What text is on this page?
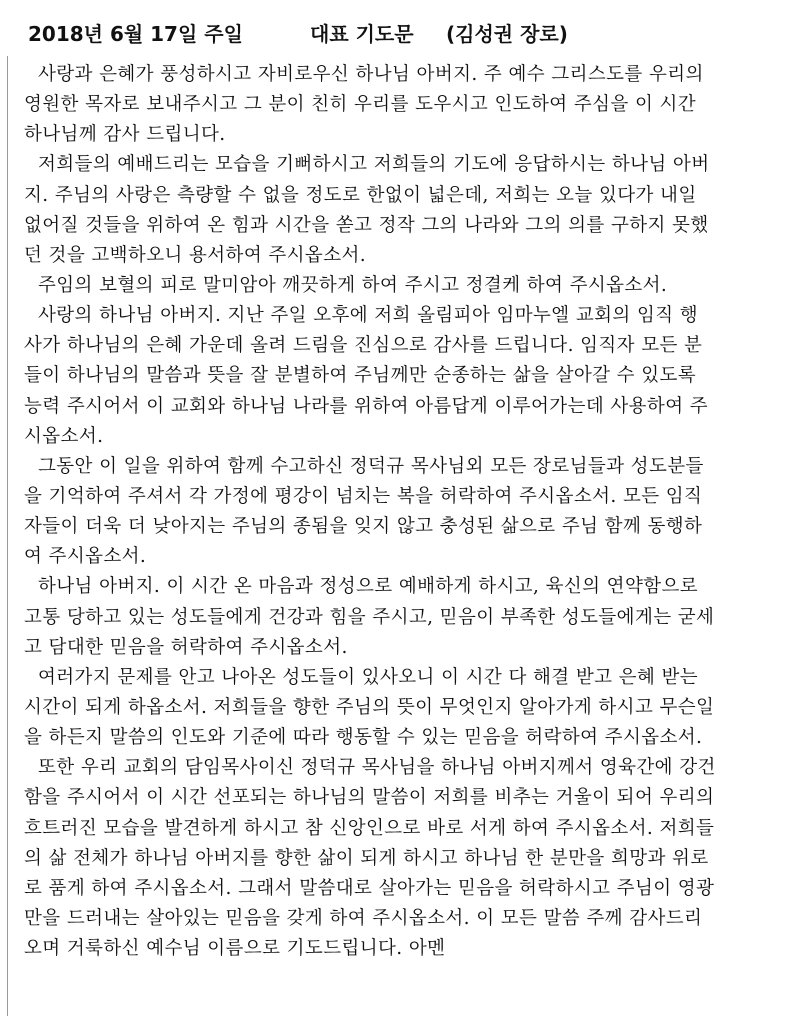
2018년 6월 17일 주일	대표 기도문 (김성권 장로)
사랑과 은혜가 풍성하시고 자비로우신 하나님 아버지. 주 예수 그리스도를 우리의
영원한 목자로 보내주시고 그 분이 친히 우리를 도우시고 인도하여 주심을 이 시간
하나님께 감사 드립니다.
저희들의 예배드리는 모습을 기뻐하시고 저희들의 기도에 응답하시는 하나님 아버
지. 주님의 사랑은 측량할 수 없을 정도로 한없이 넓은데, 저희는 오늘 있다가 내일
없어질 것들을 위하여 온 힘과 시간을 쏟고 정작 그의 나라와 그의 의를 구하지 못했
던 것을 고백하오니 용서하여 주시옵소서.
주임의 보혈의 피로 말미암아 깨끗하게 하여 주시고 정결케 하여 주시옵소서.
사랑의 하나님 아버지. 지난 주일 오후에 저희 올림피아 임마누엘 교회의 임직 행
사가 하나님의 은혜 가운데 올려 드림을 진심으로 감사를 드립니다. 임직자 모든 분
들이 하나님의 말씀과 뜻을 잘 분별하여 주님께만 순종하는 삶을 살아갈 수 있도록
능력 주시어서 이 교회와 하나님 나라를 위하여 아름답게 이루어가는데 사용하여 주
시옵소서.
그동안 이 일을 위하여 함께 수고하신 정덕규 목사님외 모든 장로님들과 성도분들
을 기억하여 주셔서 각 가정에 평강이 넘치는 복을 허락하여 주시옵소서. 모든 임직
자들이 더욱 더 낮아지는 주님의 종됨을 잊지 않고 충성된 삶으로 주님 함께 동행하
여 주시옵소서.
하나님 아버지. 이 시간 온 마음과 정성으로 예배하게 하시고, 육신의 연약함으로
고통 당하고 있는 성도들에게 건강과 힘을 주시고, 믿음이 부족한 성도들에게는 굳세
고 담대한 믿음을 허락하여 주시옵소서.
여러가지 문제를 안고 나아온 성도들이 있사오니 이 시간 다 해결 받고 은혜 받는
시간이 되게 하옵소서. 저희들을 향한 주님의 뜻이 무엇인지 알아가게 하시고 무슨일
을 하든지 말씀의 인도와 기준에 따라 행동할 수 있는 믿음을 허락하여 주시옵소서.
또한 우리 교회의 담임목사이신 정덕규 목사님을 하나님 아버지께서 영육간에 강건
함을 주시어서 이 시간 선포되는 하나님의 말씀이 저희를 비추는 거울이 되어 우리의
흐트러진 모습을 발견하게 하시고 참 신앙인으로 바로 서게 하여 주시옵소서. 저희들
의 삶 전체가 하나님 아버지를 향한 삶이 되게 하시고 하나님 한 분만을 희망과 위로
로 품게 하여 주시옵소서. 그래서 말씀대로 살아가는 믿음을 허락하시고 주님이 영광
만을 드러내는 살아있는 믿음을 갖게 하여 주시옵소서. 이 모든 말씀 주께 감사드리
오며 거룩하신 예수님 이름으로 기도드립니다. 아멘
